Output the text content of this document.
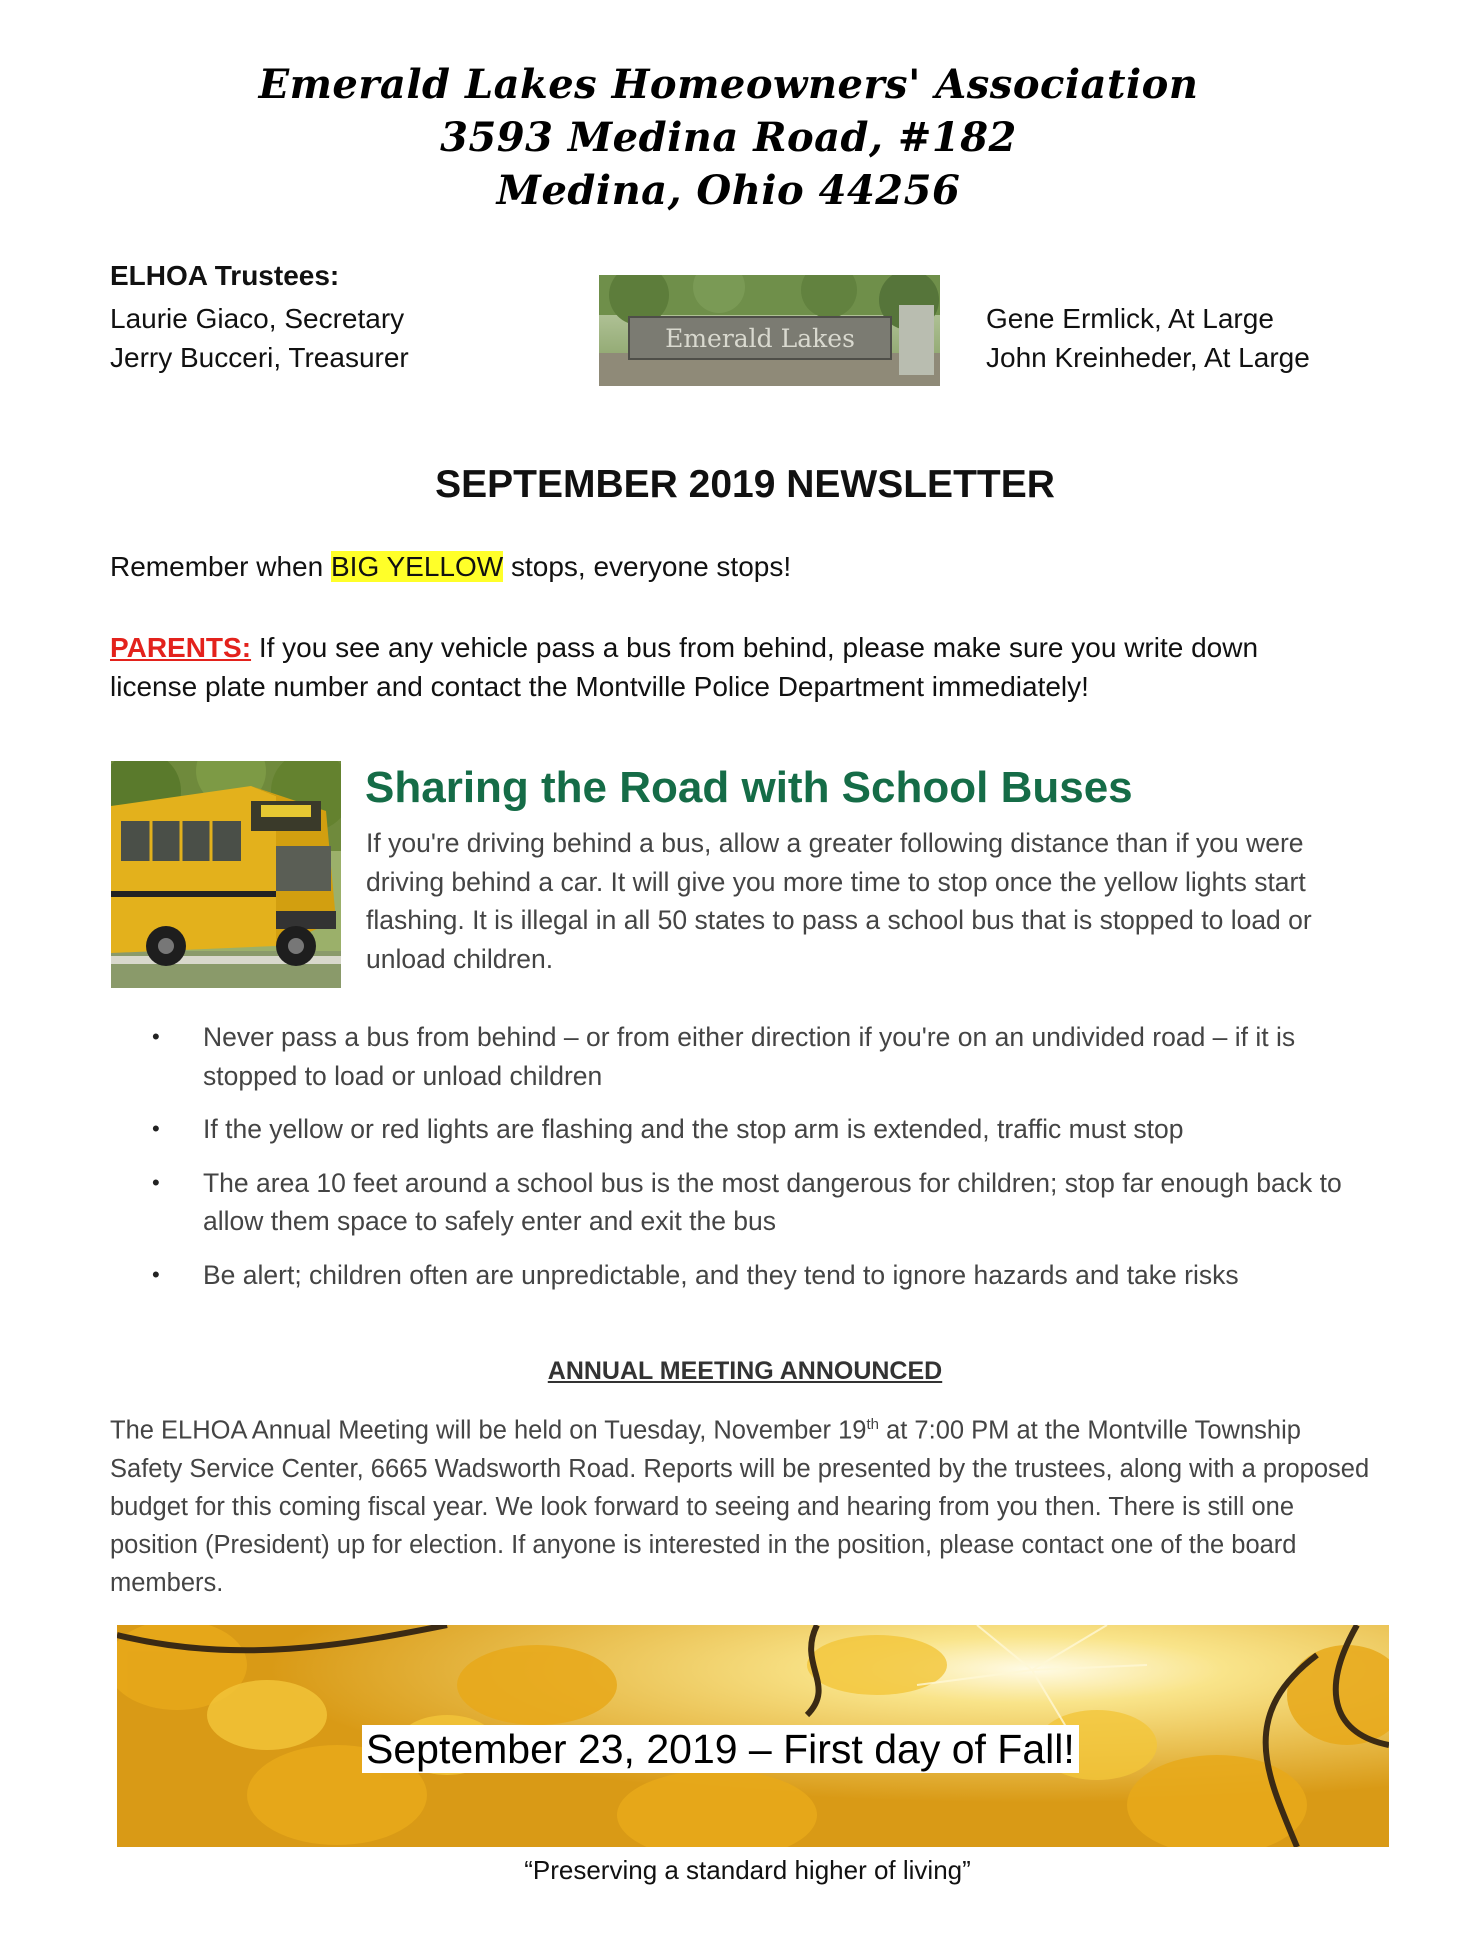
Emerald Lakes Homeowners' Association
3593 Medina Road, #182
Medina, Ohio 44256
ELHOA Trustees:
Laurie Giaco, Secretary
Jerry Bucceri, Treasurer
Gene Ermlick, At Large
John Kreinheder, At Large
Emerald Lakes
SEPTEMBER 2019 NEWSLETTER
Remember when BIG YELLOW stops, everyone stops!
PARENTS: If you see any vehicle pass a bus from behind, please make sure you write down license plate number and contact the Montville Police Department immediately!
Sharing the Road with School Buses
If you're driving behind a bus, allow a greater following distance than if you were driving behind a car. It will give you more time to stop once the yellow lights start flashing. It is illegal in all 50 states to pass a school bus that is stopped to load or unload children.
• Never pass a bus from behind – or from either direction if you're on an undivided road – if it is stopped to load or unload children
• If the yellow or red lights are flashing and the stop arm is extended, traffic must stop
• The area 10 feet around a school bus is the most dangerous for children; stop far enough back to allow them space to safely enter and exit the bus
• Be alert; children often are unpredictable, and they tend to ignore hazards and take risks
ANNUAL MEETING ANNOUNCED
The ELHOA Annual Meeting will be held on Tuesday, November 19th at 7:00 PM at the Montville Township Safety Service Center, 6665 Wadsworth Road. Reports will be presented by the trustees, along with a proposed budget for this coming fiscal year. We look forward to seeing and hearing from you then. There is still one position (President) up for election. If anyone is interested in the position, please contact one of the board members.
September 23, 2019 – First day of Fall!
“Preserving a standard higher of living”
